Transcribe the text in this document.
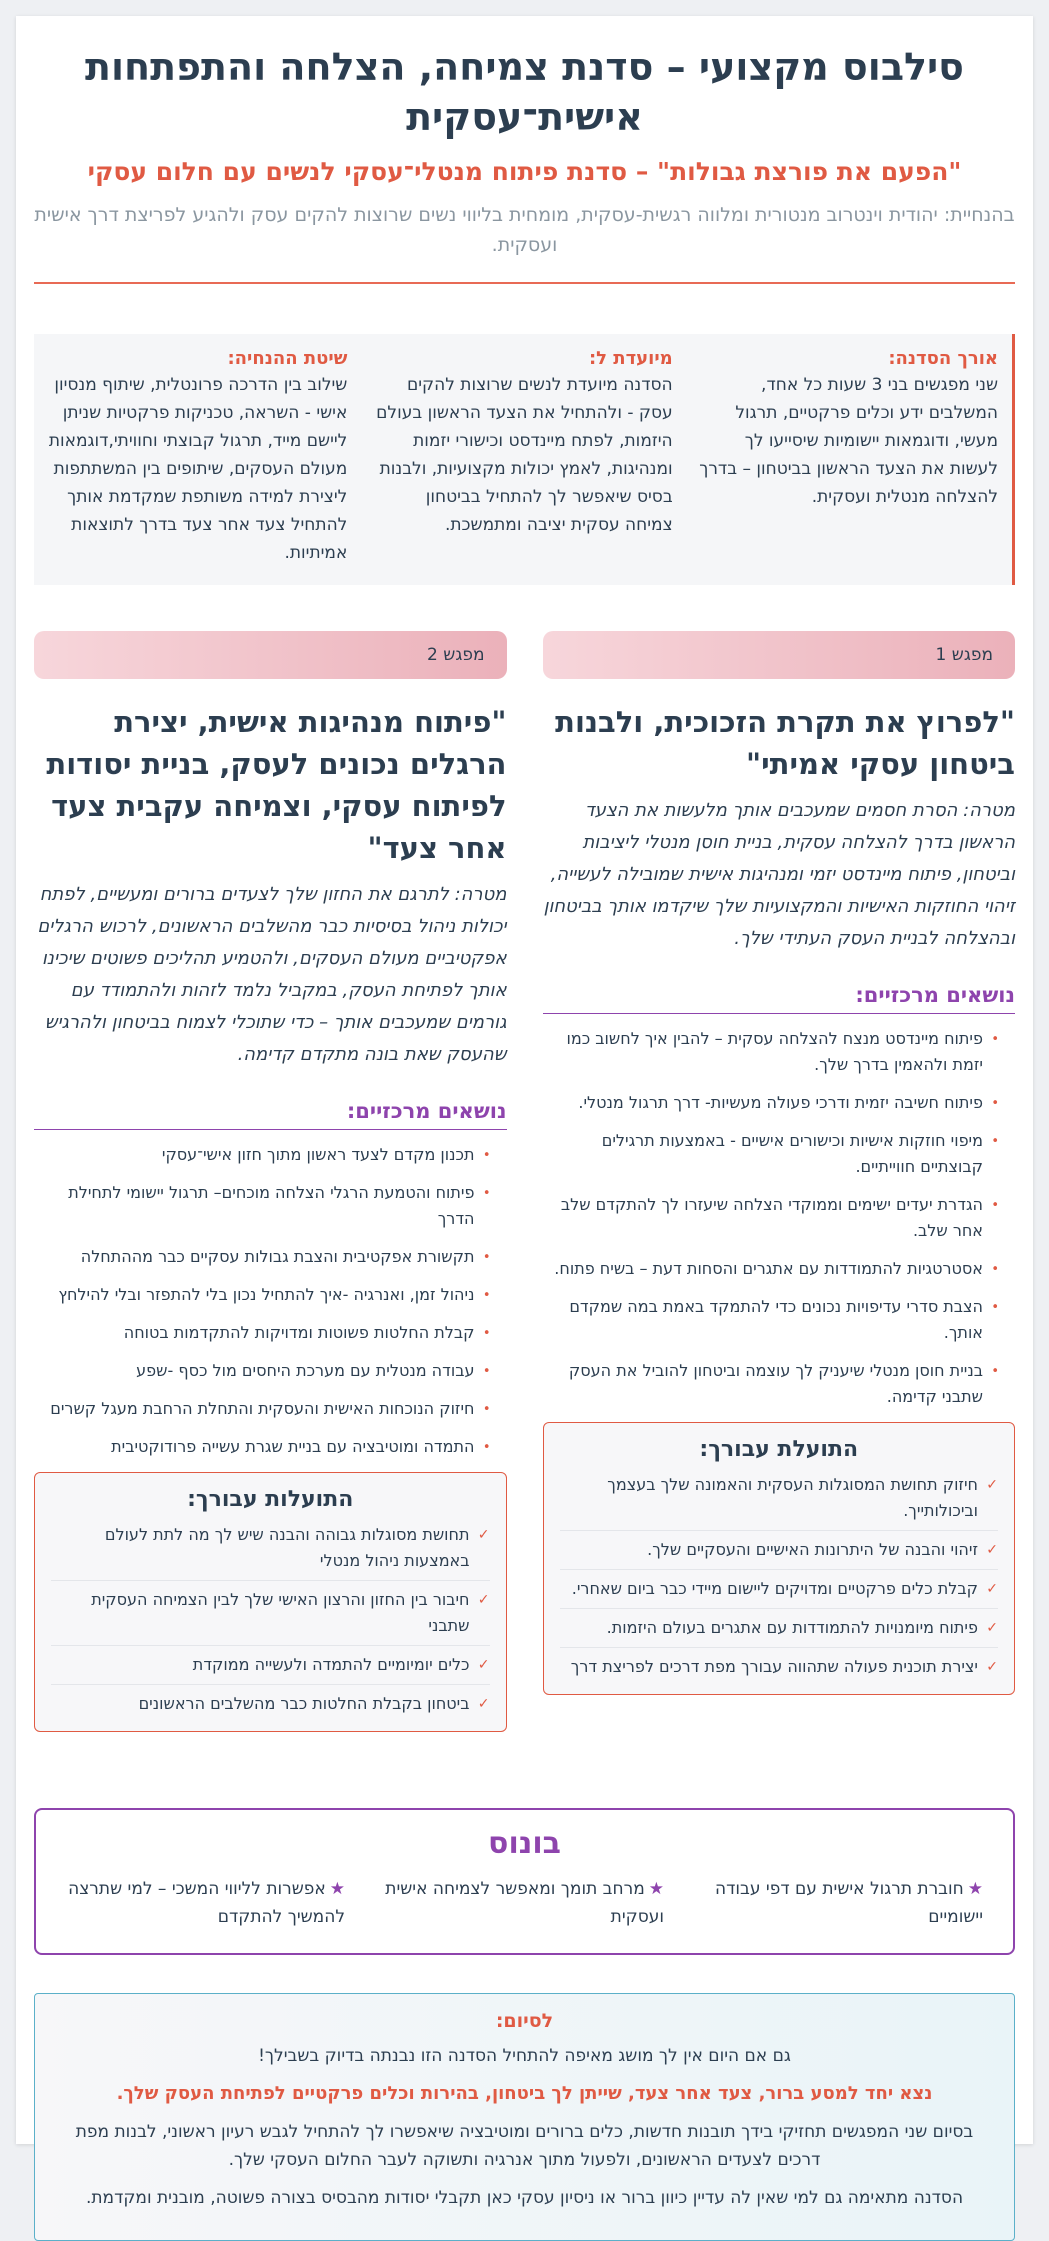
סילבוס מקצועי – סדנת צמיחה, הצלחה והתפתחות אישית־עסקית
"הפעם את פורצת גבולות" – סדנת פיתוח מנטלי־עסקי לנשים עם חלום עסקי
בהנחיית: יהודית וינטרוב מנטורית ומלווה רגשית-עסקית, מומחית בליווי נשים שרוצות להקים עסק ולהגיע לפריצת דרך אישית ועסקית.
אורך הסדנה:

שני מפגשים בני 3 שעות כל אחד, המשלבים ידע וכלים פרקטיים, תרגול מעשי, ודוגמאות יישומיות שיסייעו לך לעשות את הצעד הראשון בביטחון – בדרך להצלחה מנטלית ועסקית.

מיועדת ל:

הסדנה מיועדת לנשים שרוצות להקים עסק - ולהתחיל את הצעד הראשון בעולם היזמות, לפתח מיינדסט וכישורי יזמות ומנהיגות, לאמץ יכולות מקצועיות, ולבנות בסיס שיאפשר לך להתחיל בביטחון צמיחה עסקית יציבה ומתמשכת.

שיטת ההנחיה:

שילוב בין הדרכה פרונטלית, שיתוף מנסיון אישי - השראה, טכניקות פרקטיות שניתן ליישם מייד, תרגול קבוצתי וחוויתי,דוגמאות מעולם העסקים, שיתופים בין המשתתפות ליצירת למידה משותפת שמקדמת אותך להתחיל צעד אחר צעד בדרך לתוצאות אמיתיות.

מפגש 1
"לפרוץ את תקרת הזכוכית, ולבנות ביטחון עסקי אמיתי"

מטרה: הסרת חסמים שמעכבים אותך מלעשות את הצעד הראשון בדרך להצלחה עסקית, בניית חוסן מנטלי ליציבות וביטחון, פיתוח מיינדסט יזמי ומנהיגות אישית שמובילה לעשייה, זיהוי החוזקות האישיות והמקצועיות שלך שיקדמו אותך בביטחון ובהצלחה לבניית העסק העתידי שלך.

נושאים מרכזיים:
•
פיתוח מיינדסט מנצח להצלחה עסקית – להבין איך לחשוב כמו יזמת ולהאמין בדרך שלך.
•
פיתוח חשיבה יזמית ודרכי פעולה מעשיות- דרך תרגול מנטלי.
•
מיפוי חוזקות אישיות וכישורים אישיים - באמצעות תרגילים קבוצתיים חווייתיים.
•
הגדרת יעדים ישימים וממוקדי הצלחה שיעזרו לך להתקדם שלב אחר שלב.
•
אסטרטגיות להתמודדות עם אתגרים והסחות דעת – בשיח פתוח.
•
הצבת סדרי עדיפויות נכונים כדי להתמקד באמת במה שמקדם אותך.
•
בניית חוסן מנטלי שיעניק לך עוצמה וביטחון להוביל את העסק שתבני קדימה.
התועלת עבורך:
✓
חיזוק תחושת המסוגלות העסקית והאמונה שלך בעצמך וביכולותייך.
✓
זיהוי והבנה של היתרונות האישיים והעסקיים שלך.
✓
קבלת כלים פרקטיים ומדויקים ליישום מיידי כבר ביום שאחרי.
✓
פיתוח מיומנויות להתמודדות עם אתגרים בעולם היזמות.
✓
יצירת תוכנית פעולה שתהווה עבורך מפת דרכים לפריצת דרך
מפגש 2
"פיתוח מנהיגות אישית, יצירת הרגלים נכונים לעסק, בניית יסודות לפיתוח עסקי, וצמיחה עקבית צעד אחר צעד"

מטרה: לתרגם את החזון שלך לצעדים ברורים ומעשיים, לפתח יכולות ניהול בסיסיות כבר מהשלבים הראשונים, לרכוש הרגלים אפקטיביים מעולם העסקים, ולהטמיע תהליכים פשוטים שיכינו אותך לפתיחת העסק, במקביל נלמד לזהות ולהתמודד עם גורמים שמעכבים אותך – כדי שתוכלי לצמוח בביטחון ולהרגיש שהעסק שאת בונה מתקדם קדימה.

נושאים מרכזיים:
•
תכנון מקדם לצעד ראשון מתוך חזון אישי־עסקי
•
פיתוח והטמעת הרגלי הצלחה מוכחים– תרגול יישומי לתחילת הדרך
•
תקשורת אפקטיבית והצבת גבולות עסקיים כבר מההתחלה
•
ניהול זמן, ואנרגיה -איך להתחיל נכון בלי להתפזר ובלי להילחץ
•
קבלת החלטות פשוטות ומדויקות להתקדמות בטוחה
•
עבודה מנטלית עם מערכת היחסים מול כסף -שפע
•
חיזוק הנוכחות האישית והעסקית והתחלת הרחבת מעגל קשרים
•
התמדה ומוטיבציה עם בניית שגרת עשייה פרודוקטיבית
התועלות עבורך:
✓
תחושת מסוגלות גבוהה והבנה שיש לך מה לתת לעולם באמצעות ניהול מנטלי
✓
חיבור בין החזון והרצון האישי שלך לבין הצמיחה העסקית שתבני
✓
כלים יומיומיים להתמדה ולעשייה ממוקדת
✓
ביטחון בקבלת החלטות כבר מהשלבים הראשונים
בונוס
★חוברת תרגול אישית עם דפי עבודה יישומיים
★מרחב תומך ומאפשר לצמיחה אישית ועסקית
★אפשרות לליווי המשכי – למי שתרצה להמשיך להתקדם
לסיום:

גם אם היום אין לך מושג מאיפה להתחיל הסדנה הזו נבנתה בדיוק בשבילך!

נצא יחד למסע ברור, צעד אחר צעד, שייתן לך ביטחון, בהירות וכלים פרקטיים לפתיחת העסק שלך.

בסיום שני המפגשים תחזיקי בידך תובנות חדשות, כלים ברורים ומוטיבציה שיאפשרו לך להתחיל לגבש רעיון ראשוני, לבנות מפת דרכים לצעדים הראשונים, ולפעול מתוך אנרגיה ותשוקה לעבר החלום העסקי שלך.

הסדנה מתאימה גם למי שאין לה עדיין כיוון ברור או ניסיון עסקי כאן תקבלי יסודות מהבסיס בצורה פשוטה, מובנית ומקדמת.
